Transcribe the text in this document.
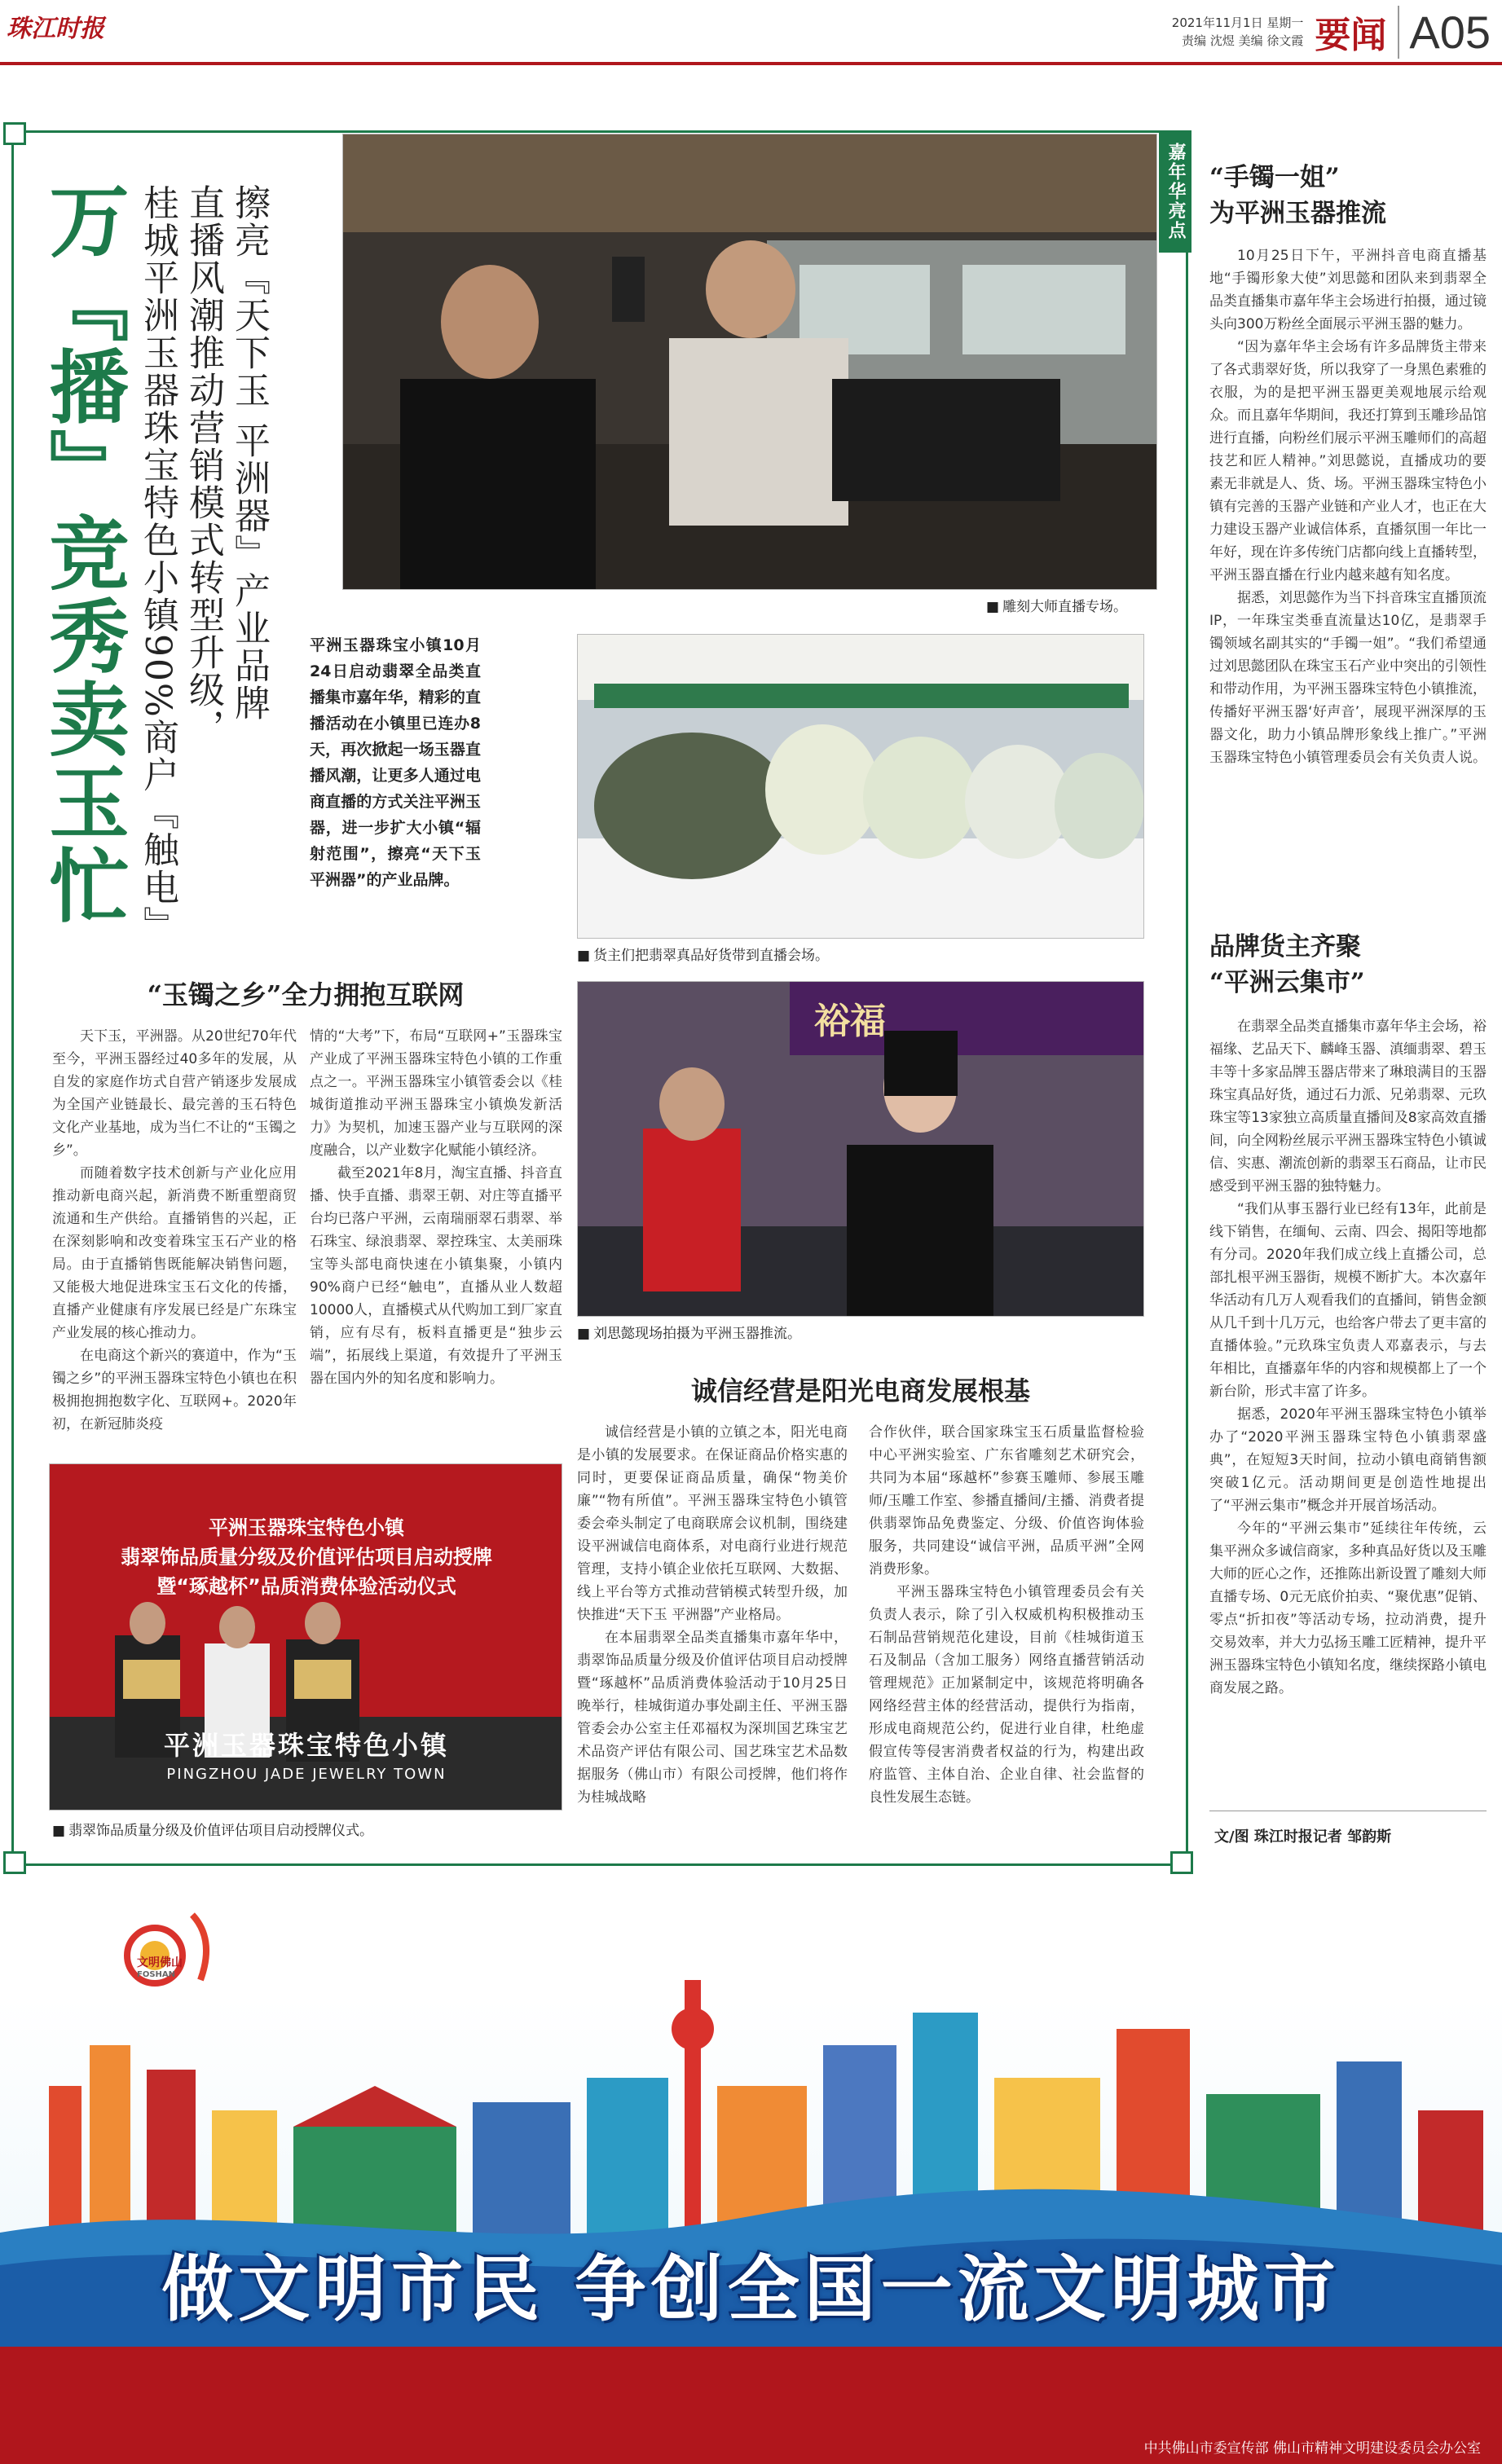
珠江时报	2021年11月1日 星期一
责编 沈煜 美编 徐文霞 要闻 A05
万『播』竞秀卖玉忙	擦亮『天下玉 平洲器』产业品牌
直播风潮推动营销模式转型升级，
桂城平洲玉器珠宝特色小镇90%商户『触电』
■	雕刻大师直播专场。
平洲玉器珠宝小镇10月24日启动翡翠全品类直播集市嘉年华，精彩的直播活动在小镇里已连办8天，再次掀起一场玉器直播风潮，让更多人通过电商直播的方式关注平洲玉器，进一步扩大小镇“辐射范围”，擦亮“天下玉 平洲器”的产业品牌。
■ 货主们把翡翠真品好货带到直播会场。
“玉镯之乡”全力拥抱互联网

天下玉，平洲器。从20世纪70年代至今，平洲玉器经过40多年的发展，从自发的家庭作坊式自营产销逐步发展成为全国产业链最长、最完善的玉石特色文化产业基地，成为当仁不让的“玉镯之乡”。

而随着数字技术创新与产业化应用推动新电商兴起，新消费不断重塑商贸流通和生产供给。直播销售的兴起，正在深刻影响和改变着珠宝玉石产业的格局。由于直播销售既能解决销售问题，又能极大地促进珠宝玉石文化的传播，直播产业健康有序发展已经是广东珠宝产业发展的核心推动力。

在电商这个新兴的赛道中，作为“玉镯之乡”的平洲玉器珠宝特色小镇也在积极拥抱拥抱数字化、互联网+。2020年初，在新冠肺炎疫

情的“大考”下，布局“互联网+”玉器珠宝产业成了平洲玉器珠宝特色小镇的工作重点之一。平洲玉器珠宝小镇管委会以《桂城街道推动平洲玉器珠宝小镇焕发新活力》为契机，加速玉器产业与互联网的深度融合，以产业数字化赋能小镇经济。

截至2021年8月，淘宝直播、抖音直播、快手直播、翡翠王朝、对庄等直播平台均已落户平洲，云南瑞丽翠石翡翠、举石珠宝、绿浪翡翠、翠控珠宝、太美丽珠宝等头部电商快速在小镇集聚，小镇内90%商户已经“触电”，直播从业人数超10000人，直播模式从代购加工到厂家直销，应有尽有，板料直播更是“独步云端”，拓展线上渠道，有效提升了平洲玉器在国内外的知名度和影响力。

裕福
■ 刘思懿现场拍摄为平洲玉器推流。
平洲玉器珠宝特色小镇
翡翠饰品质量分级及价值评估项目启动授牌
暨“琢越杯”品质消费体验活动仪式
平洲玉器珠宝特色小镇
PINGZHOU JADE JEWELRY TOWN
■ 翡翠饰品质量分级及价值评估项目启动授牌仪式。
诚信经营是阳光电商发展根基

诚信经营是小镇的立镇之本，阳光电商是小镇的发展要求。在保证商品价格实惠的同时，更要保证商品质量，确保“物美价廉”“物有所值”。平洲玉器珠宝特色小镇管委会牵头制定了电商联席会议机制，围绕建设平洲诚信电商体系，对电商行业进行规范管理，支持小镇企业依托互联网、大数据、线上平台等方式推动营销模式转型升级，加快推进“天下玉 平洲器”产业格局。

在本届翡翠全品类直播集市嘉年华中，翡翠饰品质量分级及价值评估项目启动授牌暨“琢越杯”品质消费体验活动于10月25日晚举行，桂城街道办事处副主任、平洲玉器管委会办公室主任邓福权为深圳国艺珠宝艺术品资产评估有限公司、国艺珠宝艺术品数据服务（佛山市）有限公司授牌，他们将作为桂城战略

合作伙伴，联合国家珠宝玉石质量监督检验中心平洲实验室、广东省雕刻艺术研究会，共同为本届“琢越杯”参赛玉雕师、参展玉雕师/玉雕工作室、参播直播间/主播、消费者提供翡翠饰品免费鉴定、分级、价值咨询体验服务，共同建设“诚信平洲，品质平洲”全网消费形象。

平洲玉器珠宝特色小镇管理委员会有关负责人表示，除了引入权威机构积极推动玉石制品营销规范化建设，目前《桂城街道玉石及制品（含加工服务）网络直播营销活动管理规范》正加紧制定中，该规范将明确各网络经营主体的经营活动，提供行为指南，形成电商规范公约，促进行业自律，杜绝虚假宣传等侵害消费者权益的行为，构建出政府监管、主体自治、企业自律、社会监督的良性发展生态链。

嘉年华亮点 “手镯一姐”
为平洲玉器推流

10月25日下午，平洲抖音电商直播基地“手镯形象大使”刘思懿和团队来到翡翠全品类直播集市嘉年华主会场进行拍摄，通过镜头向300万粉丝全面展示平洲玉器的魅力。

“因为嘉年华主会场有许多品牌货主带来了各式翡翠好货，所以我穿了一身黑色素雅的衣服，为的是把平洲玉器更美观地展示给观众。而且嘉年华期间，我还打算到玉雕珍品馆进行直播，向粉丝们展示平洲玉雕师们的高超技艺和匠人精神。”刘思懿说，直播成功的要素无非就是人、货、场。平洲玉器珠宝特色小镇有完善的玉器产业链和产业人才，也正在大力建设玉器产业诚信体系，直播氛围一年比一年好，现在许多传统门店都向线上直播转型，平洲玉器直播在行业内越来越有知名度。

据悉，刘思懿作为当下抖音珠宝直播顶流IP，一年珠宝类垂直流量达10亿，是翡翠手镯领域名副其实的“手镯一姐”。“我们希望通过刘思懿团队在珠宝玉石产业中突出的引领性和带动作用，为平洲玉器珠宝特色小镇推流，传播好平洲玉器‘好声音’，展现平洲深厚的玉器文化，助力小镇品牌形象线上推广。”平洲玉器珠宝特色小镇管理委员会有关负责人说。

品牌货主齐聚
“平洲云集市”

在翡翠全品类直播集市嘉年华主会场，裕福缘、艺品天下、麟峰玉器、滇缅翡翠、碧玉丰等十多家品牌玉器店带来了琳琅满目的玉器珠宝真品好货，通过石力派、兄弟翡翠、元玖珠宝等13家独立高质量直播间及8家高效直播间，向全网粉丝展示平洲玉器珠宝特色小镇诚信、实惠、潮流创新的翡翠玉石商品，让市民感受到平洲玉器的独特魅力。

“我们从事玉器行业已经有13年，此前是线下销售，在缅甸、云南、四会、揭阳等地都有分司。2020年我们成立线上直播公司，总部扎根平洲玉器街，规模不断扩大。本次嘉年华活动有几万人观看我们的直播间，销售金额从几千到十几万元，也给客户带去了更丰富的直播体验。”元玖珠宝负责人邓嘉表示，与去年相比，直播嘉年华的内容和规模都上了一个新台阶，形式丰富了许多。

据悉，2020年平洲玉器珠宝特色小镇举办了“2020平洲玉器珠宝特色小镇翡翠盛典”，在短短3天时间，拉动小镇电商销售额突破1亿元。活动期间更是创造性地提出了“平洲云集市”概念并开展首场活动。

今年的“平洲云集市”延续往年传统，云集平洲众多诚信商家，多种真品好货以及玉雕大师的匠心之作，还推陈出新设置了雕刻大师直播专场、0元无底价拍卖、“聚优惠”促销、零点“折扣夜”等活动专场，拉动消费，提升交易效率，并大力弘扬玉雕工匠精神，提升平洲玉器珠宝特色小镇知名度，继续探路小镇电商发展之路。

文/图 珠江时报记者 邹韵斯
文明佛山
FOSHAN
做文明市民 争创全国一流文明城市
中共佛山市委宣传部 佛山市精神文明建设委员会办公室
